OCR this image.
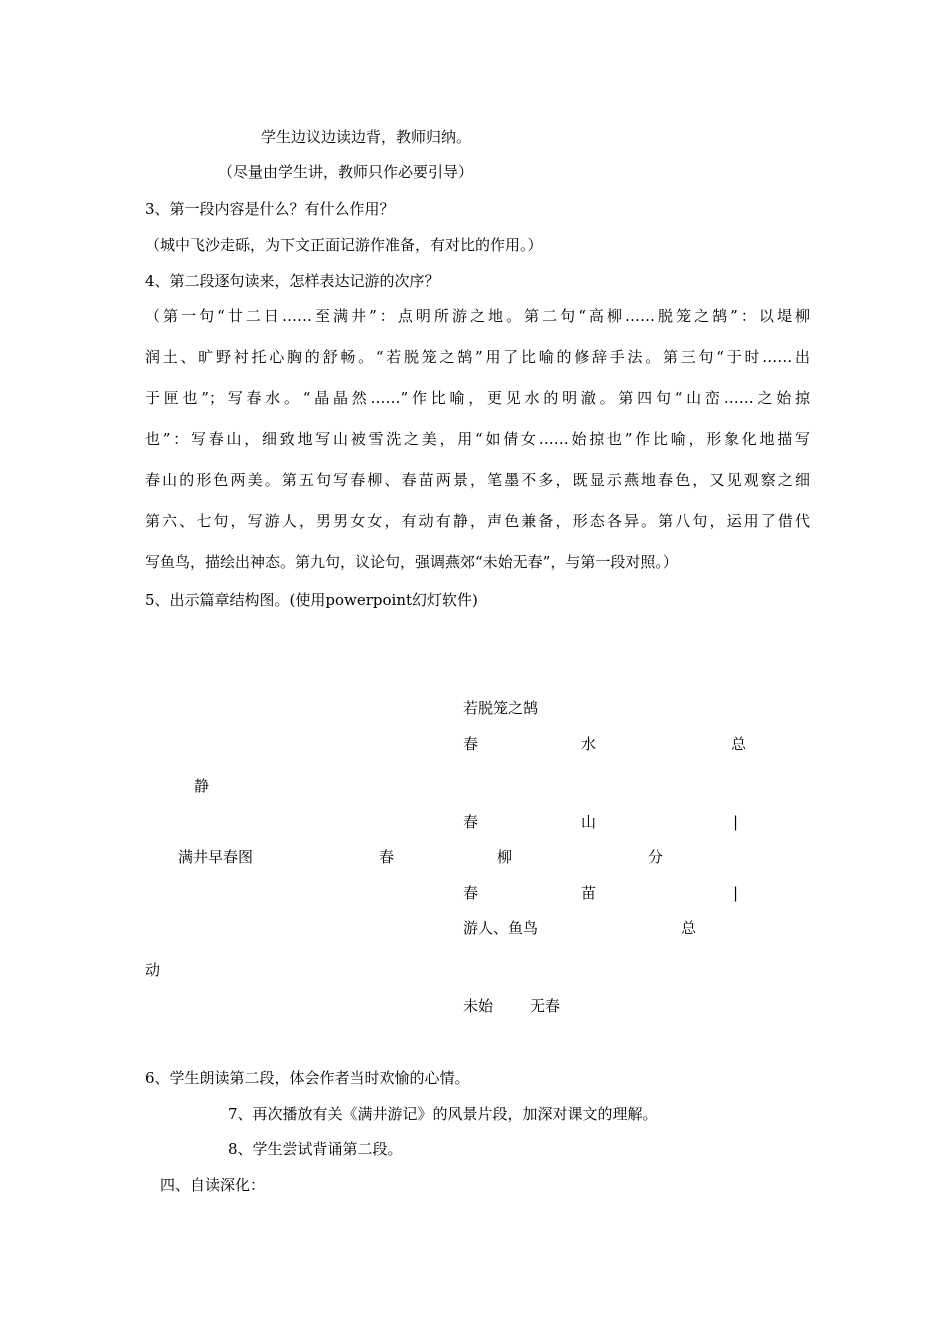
学生边议边读边背，教师归纳。
（尽量由学生讲，教师只作必要引导）
3、第一段内容是什么？有什么作用？
（城中飞沙走砾，为下文正面记游作准备，有对比的作用。）
4、第二段逐句读来，怎样表达记游的次序？
（第一句“廿二日……至满井”：点明所游之地。第二句“高柳……脱笼之鹄”：以堤柳
润土、旷野衬托心胸的舒畅。“若脱笼之鹄”用了比喻的修辞手法。第三句“于时……出
于匣也”；写春水。“晶晶然……”作比喻，更见水的明澈。第四句“山峦……之始掠
也”：写春山，细致地写山被雪洗之美，用“如倩女……始掠也”作比喻，形象化地描写
春山的形色两美。第五句写春柳、春苗两景，笔墨不多，既显示燕地春色，又见观察之细
第六、七句，写游人，男男女女，有动有静，声色兼备，形态各异。第八句，运用了借代
写鱼鸟，描绘出神态。第九句，议论句，强调燕郊“未始无春”，与第一段对照。）
5、出示篇章结构图。(使用powerpoint幻灯软件)
若脱笼之鹄
春	水	总
静
春	山	|
满井早春图	春	柳	分
春	苗	|
游人、鱼鸟	总
动
未始 无春
6、学生朗读第二段，体会作者当时欢愉的心情。
7、再次播放有关《满井游记》的风景片段，加深对课文的理解。
8、学生尝试背诵第二段。
四、自读深化：
